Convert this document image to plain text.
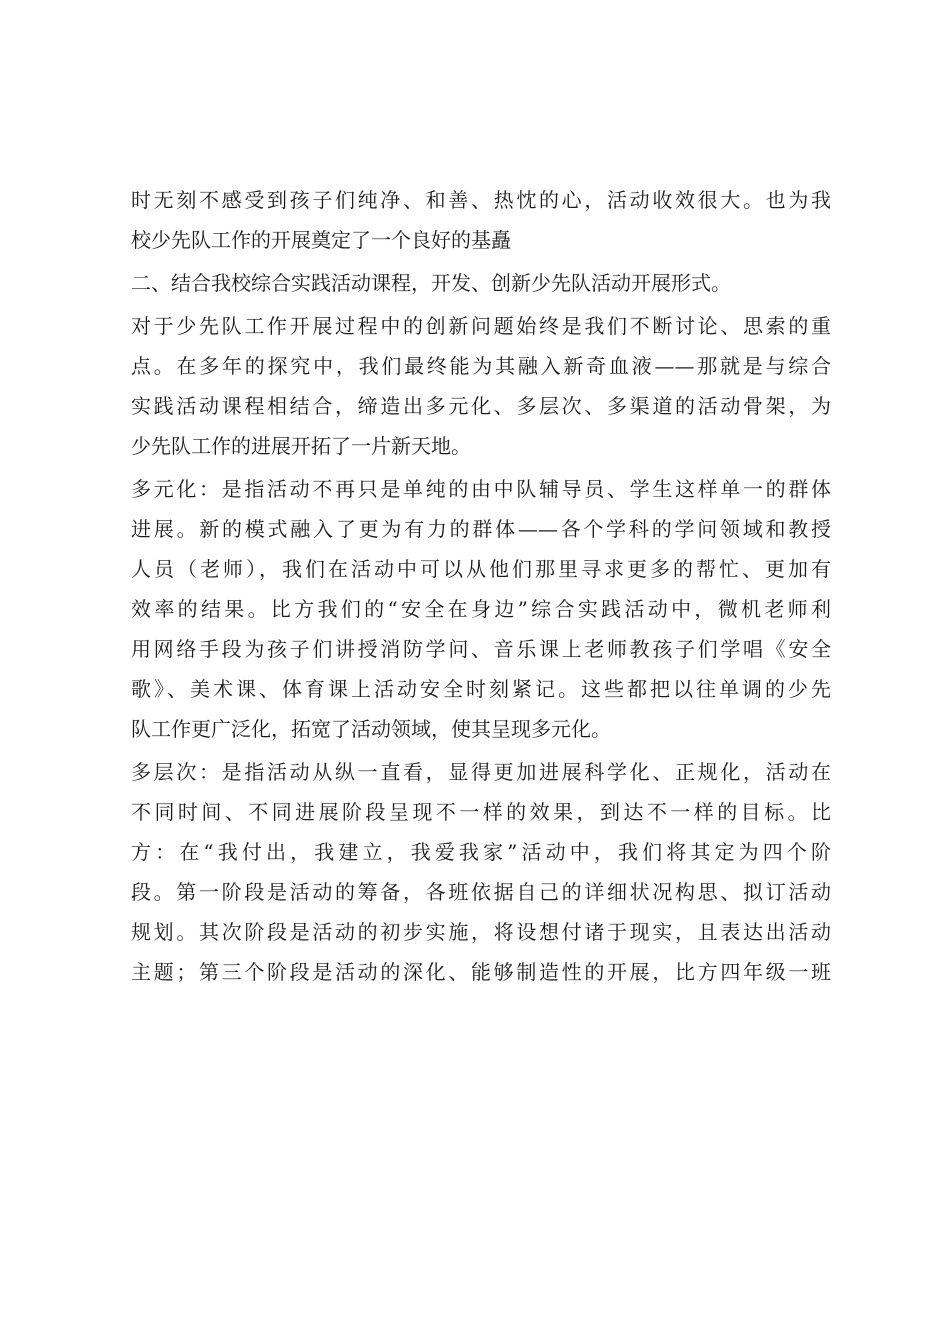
时无刻不感受到孩子们纯净、和善、热忱的心，活动收效很大。也为我
校少先队工作的开展奠定了一个良好的基矗
二、结合我校综合实践活动课程，开发、创新少先队活动开展形式。
对于少先队工作开展过程中的创新问题始终是我们不断讨论、思索的重
点。在多年的探究中，我们最终能为其融入新奇血液——那就是与综合
实践活动课程相结合，缔造出多元化、多层次、多渠道的活动骨架，为
少先队工作的进展开拓了一片新天地。
多元化：是指活动不再只是单纯的由中队辅导员、学生这样单一的群体
进展。新的模式融入了更为有力的群体——各个学科的学问领域和教授
人员（老师），我们在活动中可以从他们那里寻求更多的帮忙、更加有
效率的结果。比方我们的“安全在身边”综合实践活动中，微机老师利
用网络手段为孩子们讲授消防学问、音乐课上老师教孩子们学唱《安全
歌》、美术课、体育课上活动安全时刻紧记。这些都把以往单调的少先
队工作更广泛化，拓宽了活动领域，使其呈现多元化。
多层次：是指活动从纵一直看，显得更加进展科学化、正规化，活动在
不同时间、不同进展阶段呈现不一样的效果，到达不一样的目标。比
方：在“我付出，我建立，我爱我家”活动中，我们将其定为四个阶
段。第一阶段是活动的筹备，各班依据自己的详细状况构思、拟订活动
规划。其次阶段是活动的初步实施，将设想付诸于现实，且表达出活动
主题；第三个阶段是活动的深化、能够制造性的开展，比方四年级一班
